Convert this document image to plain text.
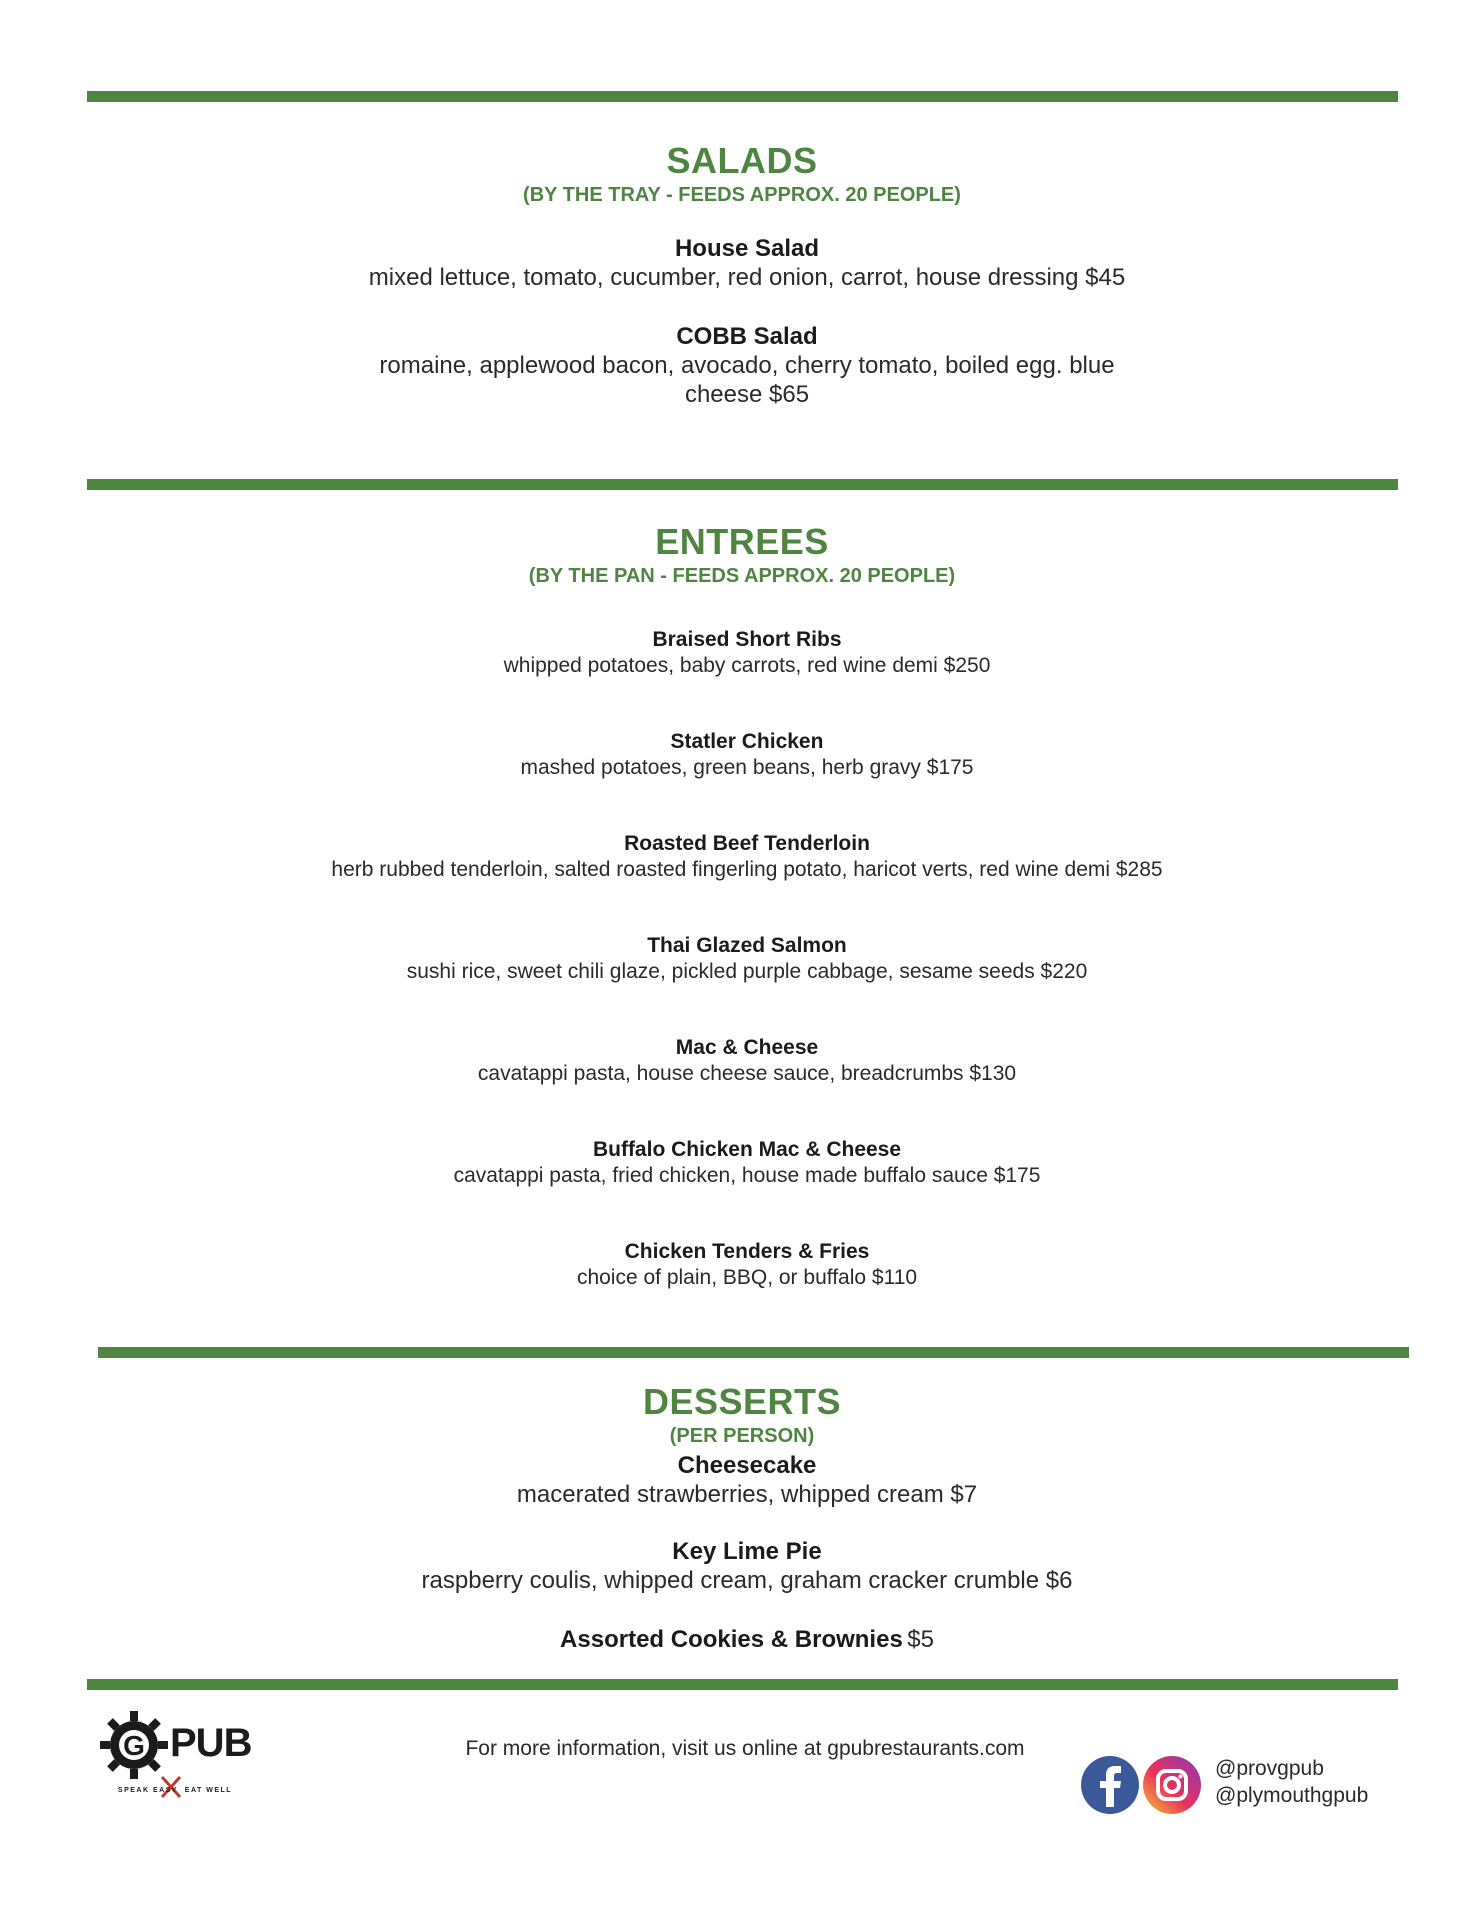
SALADS
(BY THE TRAY - FEEDS APPROX. 20 PEOPLE)
House Salad
mixed lettuce, tomato, cucumber, red onion, carrot, house dressing $45
COBB Salad
romaine, applewood bacon, avocado, cherry tomato, boiled egg. blue
cheese $65
ENTREES
(BY THE PAN - FEEDS APPROX. 20 PEOPLE)
Braised Short Ribs
whipped potatoes, baby carrots, red wine demi $250
Statler Chicken
mashed potatoes, green beans, herb gravy $175
Roasted Beef Tenderloin
herb rubbed tenderloin, salted roasted fingerling potato, haricot verts, red wine demi $285
Thai Glazed Salmon
sushi rice, sweet chili glaze, pickled purple cabbage, sesame seeds $220
Mac & Cheese
cavatappi pasta, house cheese sauce, breadcrumbs $130
Buffalo Chicken Mac & Cheese
cavatappi pasta, fried chicken, house made buffalo sauce $175
Chicken Tenders & Fries
choice of plain, BBQ, or buffalo $110
DESSERTS
(PER PERSON)
Cheesecake
macerated strawberries, whipped cream $7
Key Lime Pie
raspberry coulis, whipped cream, graham cracker crumble $6
Assorted Cookies & Brownies $5
G PUB
SPEAK EASY  EAT WELL
For more information, visit us online at gpubrestaurants.com
@provgpub
@plymouthgpub
